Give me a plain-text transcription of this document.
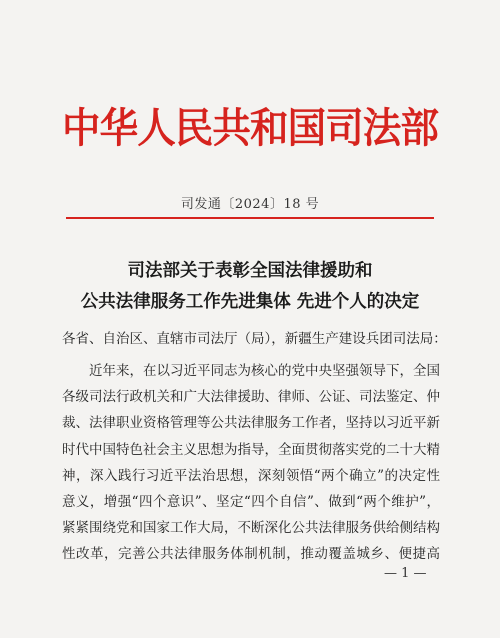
中华人民共和国司法部
司发通〔2024〕18 号
司法部关于表彰全国法律援助和
公共法律服务工作先进集体 先进个人的决定
各省、自治区、直辖市司法厅（局），新疆生产建设兵团司法局：
近年来，在以习近平同志为核心的党中央坚强领导下，全国
各级司法行政机关和广大法律援助、律师、公证、司法鉴定、仲
裁、法律职业资格管理等公共法律服务工作者，坚持以习近平新
时代中国特色社会主义思想为指导，全面贯彻落实党的二十大精
神，深入践行习近平法治思想，深刻领悟“两个确立”的决定性
意义，增强“四个意识”、坚定“四个自信”、做到“两个维护”，
紧紧围绕党和国家工作大局，不断深化公共法律服务供给侧结构
性改革，完善公共法律服务体制机制，推动覆盖城乡、便捷高
— 1 —
